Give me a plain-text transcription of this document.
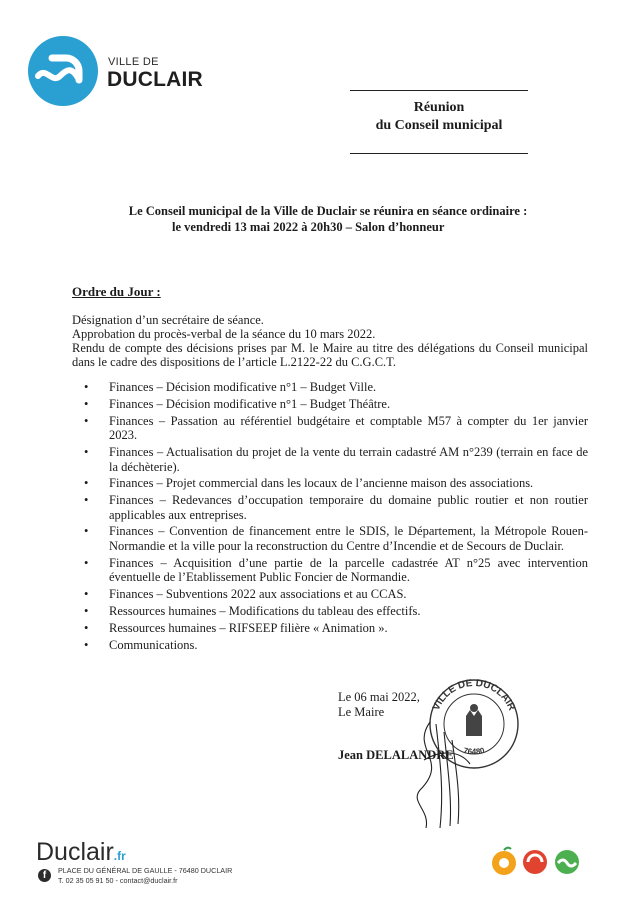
VILLE DE
DUCLAIR
Réunion
du Conseil municipal
Le Conseil municipal de la Ville de Duclair se réunira en séance ordinaire :
le vendredi 13 mai 2022 à 20h30 – Salon d’honneur
Ordre du Jour :
Désignation d’un secrétaire de séance.
Approbation du procès-verbal de la séance du 10 mars 2022.
Rendu de compte des décisions prises par M. le Maire au titre des délégations du Conseil municipal dans le cadre des dispositions de l’article L.2122-22 du C.G.C.T.
• Finances – Décision modificative n°1 – Budget Ville.
• Finances – Décision modificative n°1 – Budget Théâtre.
• Finances – Passation au référentiel budgétaire et comptable M57 à compter du 1er janvier 2023.
• Finances – Actualisation du projet de la vente du terrain cadastré AM n°239 (terrain en face de la déchèterie).
• Finances – Projet commercial dans les locaux de l’ancienne maison des associations.
• Finances – Redevances d’occupation temporaire du domaine public routier et non routier applicables aux entreprises.
• Finances – Convention de financement entre le SDIS, le Département, la Métropole Rouen-Normandie et la ville pour la reconstruction du Centre d’Incendie et de Secours de Duclair.
• Finances – Acquisition d’une partie de la parcelle cadastrée AT n°25 avec intervention éventuelle de l’Etablissement Public Foncier de Normandie.
• Finances – Subventions 2022 aux associations et au CCAS.
• Ressources humaines – Modifications du tableau des effectifs.
• Ressources humaines – RIFSEEP filière « Animation ».
• Communications.
VILLE DE DUCLAIR
76480
Le 06 mai 2022,
Le Maire
Jean DELALANDRE
Duclair.fr
f	PLACE DU GÉNÉRAL DE GAULLE - 76480 DUCLAIR
T. 02 35 05 91 50 - contact@duclair.fr
